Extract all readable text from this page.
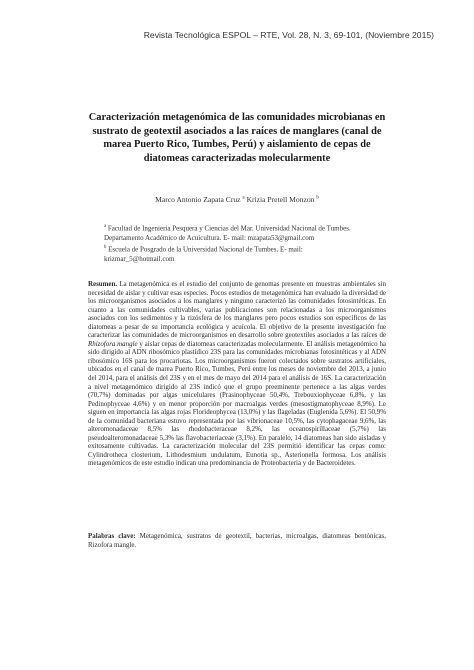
Revista Tecnológica ESPOL – RTE, Vol. 28, N. 3, 69-101, (Noviembre 2015)
Caracterización metagenómica de las comunidades microbianas en sustrato de geotextil asociados a las raíces de manglares (canal de marea Puerto Rico, Tumbes, Perú) y aislamiento de cepas de diatomeas caracterizadas molecularmente
Marco Antonio Zapata Cruz $^a$ Krizia Pretell Monzon $^b$

$^a$ Facultad de Ingeniería Pesquera y Ciencias del Mar. Universidad Nacional de Tumbes.

Departamento Académico de Acuicultura. E- mail: mzapata53@gmail.com

$^b$ Escuela de Posgrado de la Universidad Nacional de Tumbes. E- mail:

krizmar_5@hotmail.com

Resumen. La metagenómica es el estudio del conjunto de genomas presente en muestras ambientales sin necesidad de aislar y cultivar esas especies. Pocos estudios de metagenómica han evaluado la diversidad de los microorganismos asociados a los manglares y ninguno caracterizó las comunidades fotosintéticas. En cuanto a las comunidades cultivables, varias publicaciones son relacionadas a los microorganismos asociados con los sedimentos y la rizósfera de los manglares pero pocos estudios son específicos de las diatomeas a pesar de su importancia ecológica y acuícola. El objetivo de la presente investigación fue caracterizar las comunidades de microorganismos en desarrollo sobre geotextiles asociados a las raíces de Rhizofora mangle y aislar cepas de diatomeas caracterizadas molecularmente. El análisis metagenómico ha sido dirigido al ADN ribosómico plastídico 23S para las comunidades microbianas fotosintéticas y al ADN ribosómico 16S para los procariotas. Los microorganismos fueron colectados sobre sustratos artificiales, ubicados en el canal de marea Puerto Rico, Tumbes, Perú entre los meses de noviembre del 2013, a junio del 2014, para el análisis del 23S y en el mes de mayo del 2014 para el análisis de 16S. La caracterización a nivel metagenómico dirigido al 23S indicó que el grupo preeminente pertenece a las algas verdes (70,7%) dominadas por algas unicelulares (Prasinophyceae 50,4%, Trebouxiophyceae 6,8%, y las Pedinophyceae 4,6%) y en menor proporción por macroalgas verdes (mesostigmatophyceae 8,9%). Le siguen en importancia las algas rojas Florideophycea (13,0%) y las flageladas (Euglenida 5,6%). El 50,9% de la comunidad bacteriana estuvo representada por las vibrionaceae 10,5%, las cytophagaceae 9,6%, las alteromonadaceae 8,5% las rhodobacteraceae 8,2%, las oceanospirillaceae (5,7%) las pseudoalteromonadaceae 5,3% las flavobacteriaceae (3,1%). En paralelo, 14 diatomeas han sido aisladas y exitosamente cultivadas. La caracterización molecular del 23S permitió identificar las cepas como: Cylindrotheca closterium, Lithodesmium undulatum, Eunotia sp., Asterionella formosa. Los análisis metagenómicos de este estudio indican una predominancia de Proteobacteria y de Bacteroidetes.

Palabras clave: Metagenómica, sustratos de geotextil, bacterias, microalgas, diatomeas bentónicas, Rizofora mangle.
